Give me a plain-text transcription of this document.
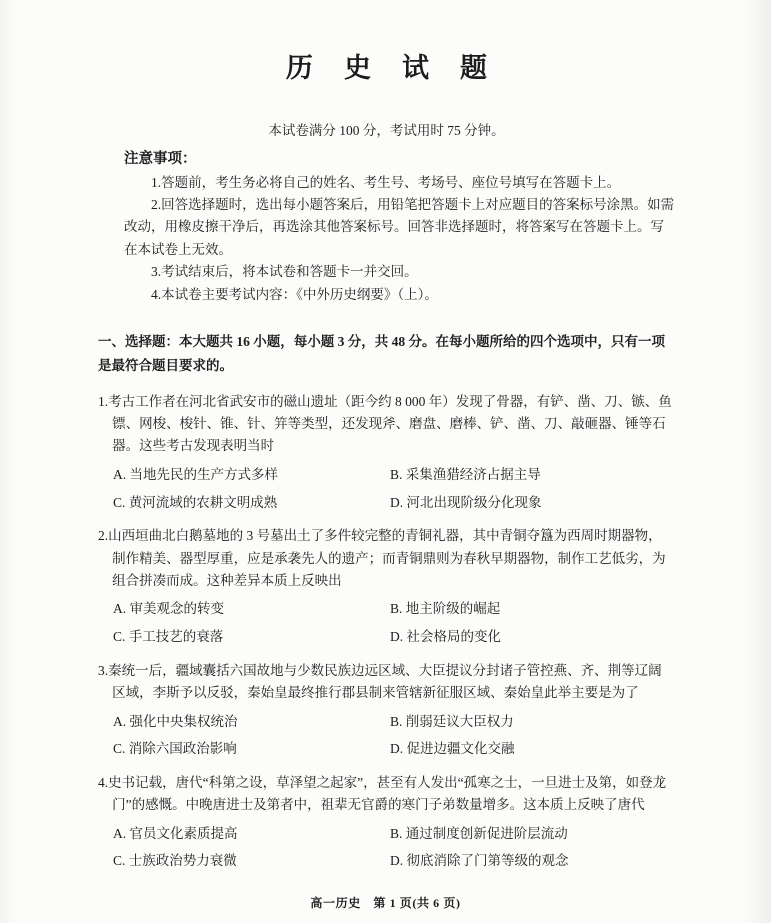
历 史 试 题

本试卷满分 100 分，考试用时 75 分钟。

注意事项：

1.答题前，考生务必将自己的姓名、考生号、考场号、座位号填写在答题卡上。

2.回答选择题时，选出每小题答案后，用铅笔把答题卡上对应题目的答案标号涂黑。如需改动，用橡皮擦干净后，再选涂其他答案标号。回答非选择题时，将答案写在答题卡上。写在本试卷上无效。

3.考试结束后，将本试卷和答题卡一并交回。

4.本试卷主要考试内容：《中外历史纲要》（上）。

一、选择题：本大题共 16 小题，每小题 3 分，共 48 分。在每小题所给的四个选项中，只有一项是最符合题目要求的。

1.考古工作者在河北省武安市的磁山遗址（距今约 8 000 年）发现了骨器，有铲、凿、刀、镞、鱼镖、网梭、梭针、锥、针、笄等类型，还发现斧、磨盘、磨棒、铲、凿、刀、敲砸器、锤等石器。这些考古发现表明当时

A. 当地先民的生产方式多样	B. 采集渔猎经济占据主导
C. 黄河流域的农耕文明成熟	D. 河北出现阶级分化现象

2.山西垣曲北白鹅墓地的 3 号墓出土了多件较完整的青铜礼器，其中青铜夺簋为西周时期器物，制作精美、器型厚重，应是承袭先人的遗产；而青铜鼎则为春秋早期器物，制作工艺低劣，为组合拼凑而成。这种差异本质上反映出

A. 审美观念的转变	B. 地主阶级的崛起
C. 手工技艺的衰落	D. 社会格局的变化

3.秦统一后，疆域囊括六国故地与少数民族边远区域、大臣提议分封诸子管控燕、齐、荆等辽阔区域，李斯予以反驳，秦始皇最终推行郡县制来管辖新征服区域、秦始皇此举主要是为了

A. 强化中央集权统治	B. 削弱廷议大臣权力
C. 消除六国政治影响	D. 促进边疆文化交融

4.史书记载，唐代“科第之设，草泽望之起家”，甚至有人发出“孤寒之士，一旦进士及第，如登龙门”的感慨。中晚唐进士及第者中，祖辈无官爵的寒门子弟数量增多。这本质上反映了唐代

A. 官员文化素质提高	B. 通过制度创新促进阶层流动
C. 士族政治势力衰微	D. 彻底消除了门第等级的观念

高一历史　第 1 页(共 6 页)
